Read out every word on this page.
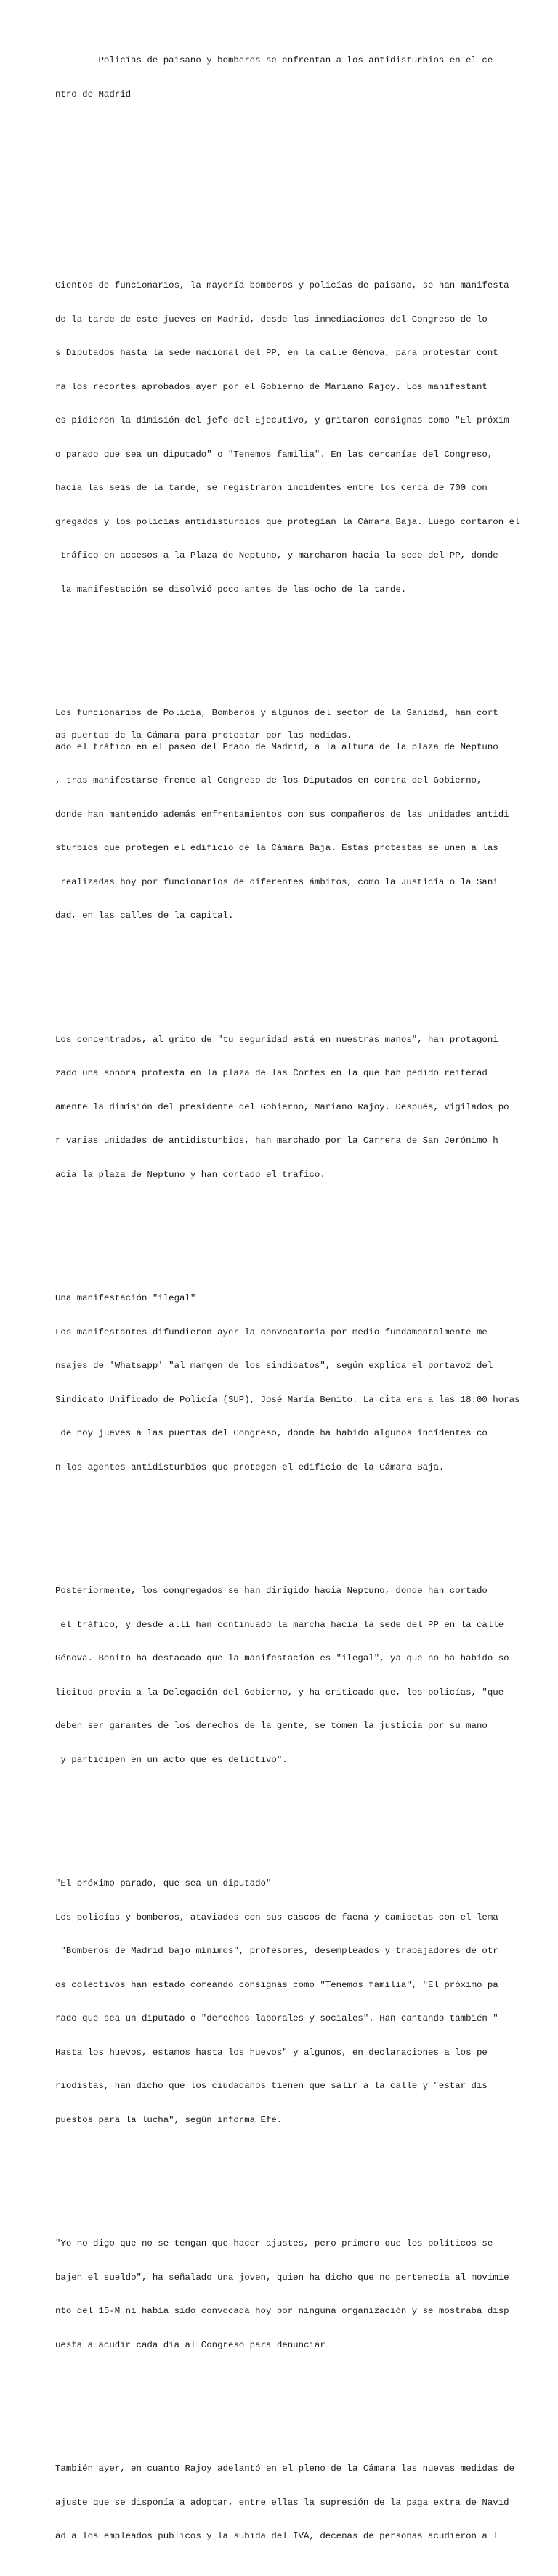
Policías de paisano y bomberos se enfrentan a los antidisturbios en el ce

ntro de Madrid

Cientos de funcionarios, la mayoría bomberos y policías de paisano, se han manifesta

do la tarde de este jueves en Madrid, desde las inmediaciones del Congreso de lo

s Diputados hasta la sede nacional del PP, en la calle Génova, para protestar cont

ra los recortes aprobados ayer por el Gobierno de Mariano Rajoy. Los manifestant

es pidieron la dimisión del jefe del Ejecutivo, y gritaron consignas como "El próxim

o parado que sea un diputado" o "Tenemos familia". En las cercanías del Congreso,

hacia las seis de la tarde, se registraron incidentes entre los cerca de 700 con

gregados y los policías antidisturbios que protegían la Cámara Baja. Luego cortaron el

tráfico en accesos a la Plaza de Neptuno, y marcharon hacia la sede del PP, donde

la manifestación se disolvió poco antes de las ocho de la tarde.

Los funcionarios de Policía, Bomberos y algunos del sector de la Sanidad, han cort

ado el tráfico en el paseo del Prado de Madrid, a la altura de la plaza de Neptuno

, tras manifestarse frente al Congreso de los Diputados en contra del Gobierno,

donde han mantenido además enfrentamientos con sus compañeros de las unidades antidi

sturbios que protegen el edificio de la Cámara Baja. Estas protestas se unen a las

realizadas hoy por funcionarios de diferentes ámbitos, como la Justicia o la Sani

dad, en las calles de la capital.

Los concentrados, al grito de "tu seguridad está en nuestras manos", han protagoni

zado una sonora protesta en la plaza de las Cortes en la que han pedido reiterad

amente la dimisión del presidente del Gobierno, Mariano Rajoy. Después, vigilados po

r varias unidades de antidisturbios, han marchado por la Carrera de San Jerónimo h

acia la plaza de Neptuno y han cortado el trafico.

Una manifestación "ilegal"

Los manifestantes difundieron ayer la convocatoria por medio fundamentalmente me

nsajes de 'Whatsapp' "al margen de los sindicatos", según explica el portavoz del

Sindicato Unificado de Policía (SUP), José María Benito. La cita era a las 18:00 horas

de hoy jueves a las puertas del Congreso, donde ha habido algunos incidentes co

n los agentes antidisturbios que protegen el edificio de la Cámara Baja.

Posteriormente, los congregados se han dirigido hacia Neptuno, donde han cortado

el tráfico, y desde allí han continuado la marcha hacia la sede del PP en la calle

Génova. Benito ha destacado que la manifestación es "ilegal", ya que no ha habido so

licitud previa a la Delegación del Gobierno, y ha criticado que, los policías, "que

deben ser garantes de los derechos de la gente, se tomen la justicia por su mano

y participen en un acto que es delictivo".

"El próximo parado, que sea un diputado"

Los policías y bomberos, ataviados con sus cascos de faena y camisetas con el lema

"Bomberos de Madrid bajo mínimos", profesores, desempleados y trabajadores de otr

os colectivos han estado coreando consignas como "Tenemos familia", "El próximo pa

rado que sea un diputado o "derechos laborales y sociales". Han cantando también "

Hasta los huevos, estamos hasta los huevos" y algunos, en declaraciones a los pe

riodistas, han dicho que los ciudadanos tienen que salir a la calle y "estar dis

puestos para la lucha", según informa Efe.

"Yo no digo que no se tengan que hacer ajustes, pero primero que los políticos se

bajen el sueldo", ha señalado una joven, quien ha dicho que no pertenecía al movimie

nto del 15-M ni había sido convocada hoy por ninguna organización y se mostraba disp

uesta a acudir cada día al Congreso para denunciar.

También ayer, en cuanto Rajoy adelantó en el pleno de la Cámara las nuevas medidas de

ajuste que se disponía a adoptar, entre ellas la supresión de la paga extra de Navid

ad a los empleados públicos y la subida del IVA, decenas de personas acudieron a l

as puertas de la Cámara para protestar por las medidas.
